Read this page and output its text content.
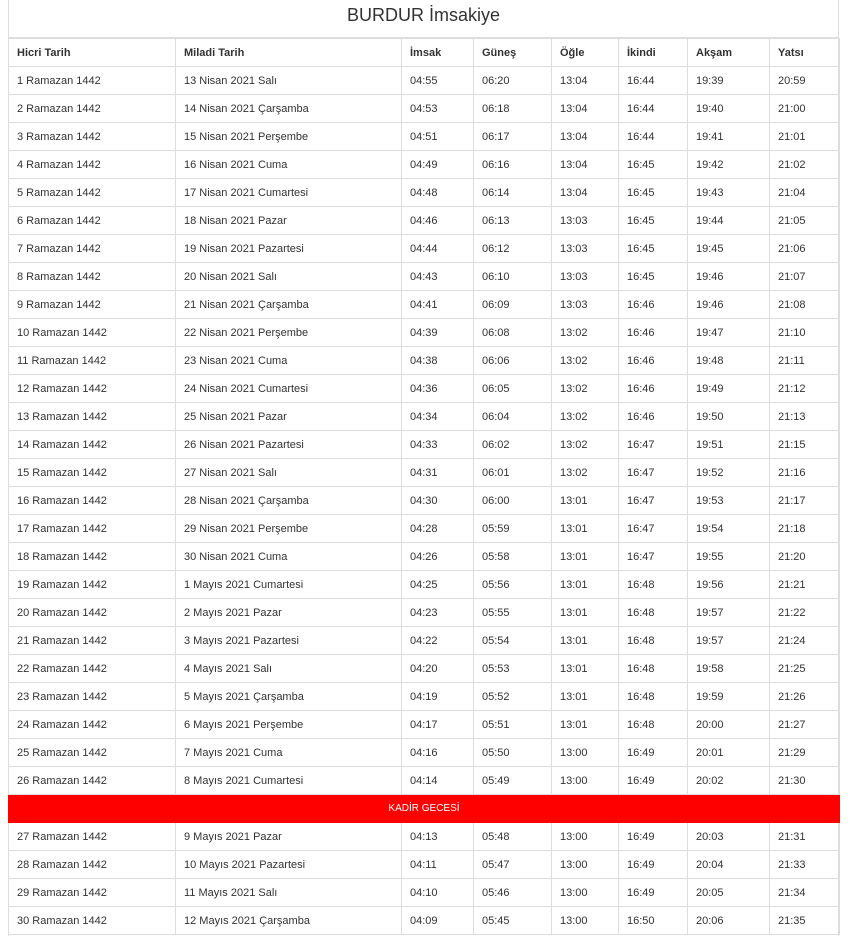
BURDUR İmsakiye
Hicri Tarih	Miladi Tarih	İmsak	Güneş	Öğle	İkindi	Akşam	Yatsı
1 Ramazan 1442	13 Nisan 2021 Salı	04:55	06:20	13:04	16:44	19:39	20:59
2 Ramazan 1442	14 Nisan 2021 Çarşamba	04:53	06:18	13:04	16:44	19:40	21:00
3 Ramazan 1442	15 Nisan 2021 Perşembe	04:51	06:17	13:04	16:44	19:41	21:01
4 Ramazan 1442	16 Nisan 2021 Cuma	04:49	06:16	13:04	16:45	19:42	21:02
5 Ramazan 1442	17 Nisan 2021 Cumartesi	04:48	06:14	13:04	16:45	19:43	21:04
6 Ramazan 1442	18 Nisan 2021 Pazar	04:46	06:13	13:03	16:45	19:44	21:05
7 Ramazan 1442	19 Nisan 2021 Pazartesi	04:44	06:12	13:03	16:45	19:45	21:06
8 Ramazan 1442	20 Nisan 2021 Salı	04:43	06:10	13:03	16:45	19:46	21:07
9 Ramazan 1442	21 Nisan 2021 Çarşamba	04:41	06:09	13:03	16:46	19:46	21:08
10 Ramazan 1442	22 Nisan 2021 Perşembe	04:39	06:08	13:02	16:46	19:47	21:10
11 Ramazan 1442	23 Nisan 2021 Cuma	04:38	06:06	13:02	16:46	19:48	21:11
12 Ramazan 1442	24 Nisan 2021 Cumartesi	04:36	06:05	13:02	16:46	19:49	21:12
13 Ramazan 1442	25 Nisan 2021 Pazar	04:34	06:04	13:02	16:46	19:50	21:13
14 Ramazan 1442	26 Nisan 2021 Pazartesi	04:33	06:02	13:02	16:47	19:51	21:15
15 Ramazan 1442	27 Nisan 2021 Salı	04:31	06:01	13:02	16:47	19:52	21:16
16 Ramazan 1442	28 Nisan 2021 Çarşamba	04:30	06:00	13:01	16:47	19:53	21:17
17 Ramazan 1442	29 Nisan 2021 Perşembe	04:28	05:59	13:01	16:47	19:54	21:18
18 Ramazan 1442	30 Nisan 2021 Cuma	04:26	05:58	13:01	16:47	19:55	21:20
19 Ramazan 1442	1 Mayıs 2021 Cumartesi	04:25	05:56	13:01	16:48	19:56	21:21
20 Ramazan 1442	2 Mayıs 2021 Pazar	04:23	05:55	13:01	16:48	19:57	21:22
21 Ramazan 1442	3 Mayıs 2021 Pazartesi	04:22	05:54	13:01	16:48	19:57	21:24
22 Ramazan 1442	4 Mayıs 2021 Salı	04:20	05:53	13:01	16:48	19:58	21:25
23 Ramazan 1442	5 Mayıs 2021 Çarşamba	04:19	05:52	13:01	16:48	19:59	21:26
24 Ramazan 1442	6 Mayıs 2021 Perşembe	04:17	05:51	13:01	16:48	20:00	21:27
25 Ramazan 1442	7 Mayıs 2021 Cuma	04:16	05:50	13:00	16:49	20:01	21:29
26 Ramazan 1442	8 Mayıs 2021 Cumartesi	04:14	05:49	13:00	16:49	20:02	21:30
KADİR GECESİ							
27 Ramazan 1442	9 Mayıs 2021 Pazar	04:13	05:48	13:00	16:49	20:03	21:31
28 Ramazan 1442	10 Mayıs 2021 Pazartesi	04:11	05:47	13:00	16:49	20:04	21:33
29 Ramazan 1442	11 Mayıs 2021 Salı	04:10	05:46	13:00	16:49	20:05	21:34
30 Ramazan 1442	12 Mayıs 2021 Çarşamba	04:09	05:45	13:00	16:50	20:06	21:35
